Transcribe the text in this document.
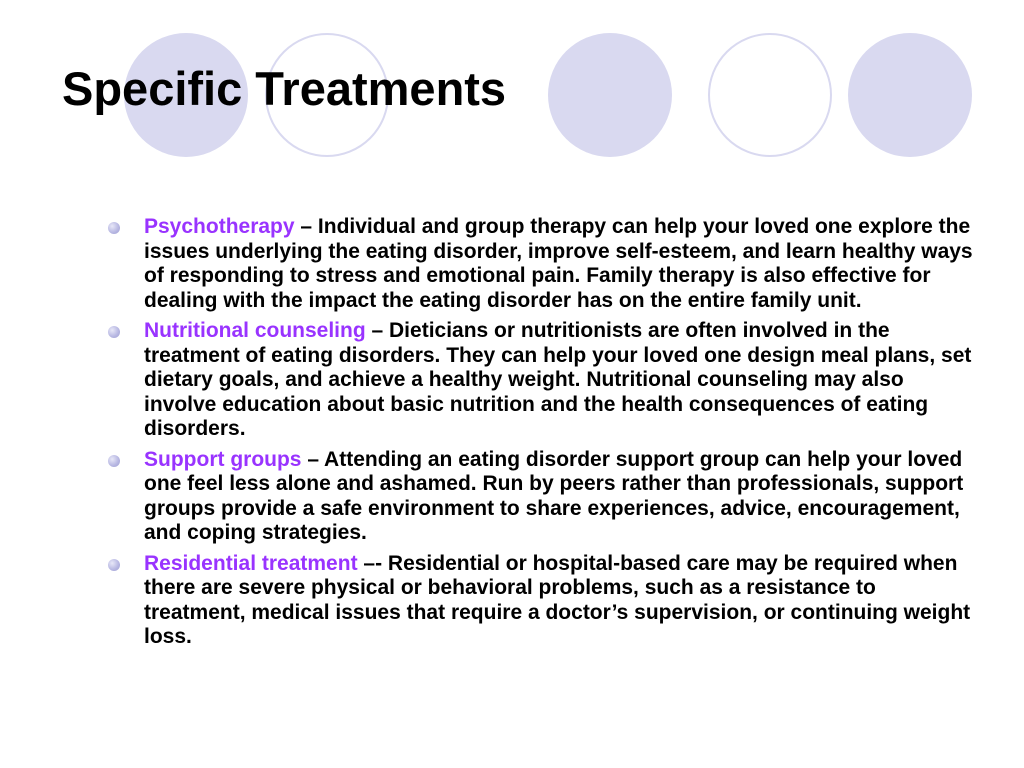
Specific Treatments
Psychotherapy – Individual and group therapy can help your loved one explore the issues underlying the eating disorder, improve self-esteem, and learn healthy ways of responding to stress and emotional pain. Family therapy is also effective for dealing with the impact the eating disorder has on the entire family unit.
Nutritional counseling – Dieticians or nutritionists are often involved in the treatment of eating disorders. They can help your loved one design meal plans, set dietary goals, and achieve a healthy weight. Nutritional counseling may also involve education about basic nutrition and the health consequences of eating disorders.
Support groups – Attending an eating disorder support group can help your loved one feel less alone and ashamed. Run by peers rather than professionals, support groups provide a safe environment to share experiences, advice, encouragement, and coping strategies.
Residential treatment –- Residential or hospital-based care may be required when there are severe physical or behavioral problems, such as a resistance to treatment, medical issues that require a doctor’s supervision, or continuing weight loss.
